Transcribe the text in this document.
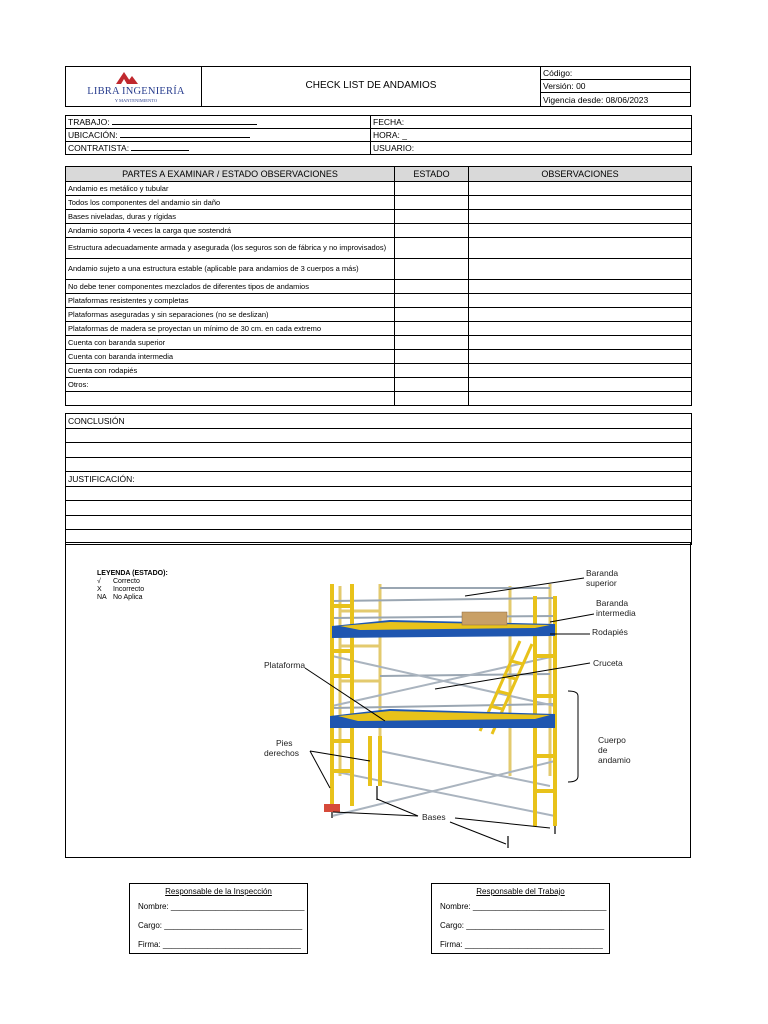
LIBRA INGENIERÍA
Y MANTENIMIENTO
CHECK LIST DE ANDAMIOS
Código:
Versión: 00
Vigencia desde: 08/06/2023
TRABAJO:	FECHA:
UBICACIÓN:	HORA: _
CONTRATISTA:	USUARIO:
PARTES A EXAMINAR / ESTADO OBSERVACIONES	ESTADO	OBSERVACIONES
Andamio es metálico y tubular		
Todos los componentes del andamio sin daño		
Bases niveladas, duras y rígidas		
Andamio soporta 4 veces la carga que sostendrá		
Estructura adecuadamente armada y asegurada (los seguros son de fábrica y no improvisados)		
Andamio sujeto a una estructura estable (aplicable para andamios de 3 cuerpos a más)		
No debe tener componentes mezclados de diferentes tipos de andamios		
Plataformas resistentes y completas		
Plataformas aseguradas y sin separaciones (no se deslizan)		
Plataformas de madera se proyectan un mínimo de 30 cm. en cada extremo		
Cuenta con baranda superior		
Cuenta con baranda intermedia		
Cuenta con rodapiés		
Otros:		

CONCLUSIÓN

JUSTIFICACIÓN:

LEYENDA (ESTADO):
√ Correcto
X Incorrecto
NA No Aplica
Baranda
superior
Baranda
intermedia
Rodapiés
Cruceta
Plataforma
Cuerpo
de
andamio
Pies
derechos
Bases
Responsable de la Inspección
Nombre: ______________________________
Cargo: _______________________________
Firma: _______________________________
Responsable del Trabajo
Nombre: ______________________________
Cargo: _______________________________
Firma: _______________________________
